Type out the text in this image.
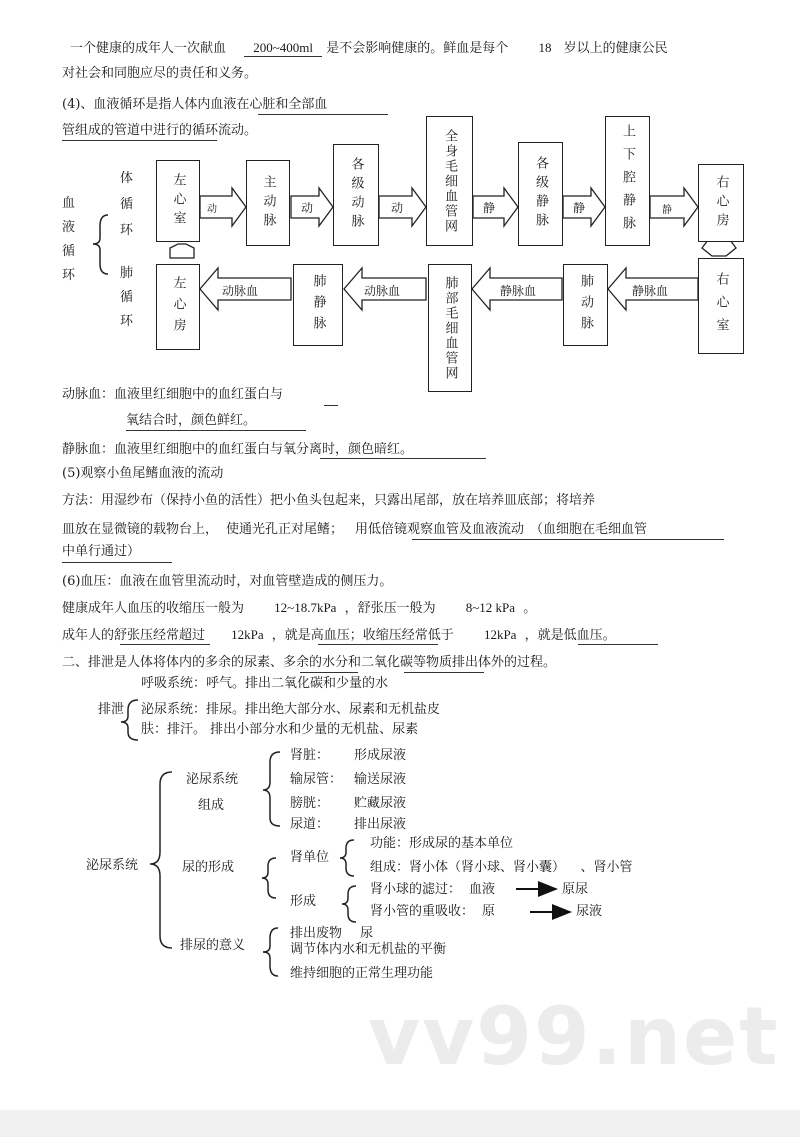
一个健康的成年人一次献血 200~400ml 是不会影响健康的。鲜血是每个 18 岁以上的健康公民
对社会和同胞应尽的责任和义务。
(4)、血液循环是指人体内血液在心脏和全部血
管组成的管道中进行的循环流动。
血
液
循
环
体
循
环
肺
循
环
左心室	主动脉	各级动脉	全身毛细血管网	各级静脉	上下腔静脉	右心房
动	动	动	静	静	静
左心房	肺静脉	肺部毛细血管网	肺动脉	右心室
动脉血	动脉血	静脉血	静脉血
动脉血：血液里红细胞中的血红蛋白与
氧结合时，颜色鲜红。
静脉血：血液里红细胞中的血红蛋白与氧分离时，颜色暗红。
(5)观察小鱼尾鳍血液的流动
方法：用湿纱布（保持小鱼的活性）把小鱼头包起来，只露出尾部，放在培养皿底部；将培养
皿放在显微镜的载物台上， 使通光孔正对尾鳍； 用低倍镜观察血管及血液流动 （血细胞在毛细血管
中单行通过）
(6)血压：血液在血管里流动时，对血管壁造成的侧压力。
健康成年人血压的收缩压一般为 12~18.7kPa ，舒张压一般为 8~12 kPa 。
成年人的舒张压经常超过 12kPa ，就是高血压；收缩压经常低于 12kPa ，就是低血压。
二、排泄是人体将体内的多余的尿素、多余的水分和二氧化碳等物质排出体外的过程。
排泄
呼吸系统：呼气。排出二氧化碳和少量的水
泌尿系统：排尿。排出绝大部分水、尿素和无机盐皮
肤：排汗。 排出小部分水和少量的无机盐、尿素
泌尿系统
泌尿系统
组成
肾脏： 形成尿液
输尿管： 输送尿液
膀胱： 贮藏尿液
尿道： 排出尿液
尿的形成
肾单位
功能：形成尿的基本单位
组成：肾小体（肾小球、肾小囊） 、肾小管
形成
肾小球的滤过： 血液	原尿
肾小管的重吸收： 原	尿液
排尿的意义
排出废物 尿
调节体内水和无机盐的平衡
维持细胞的正常生理功能
vv99.net
